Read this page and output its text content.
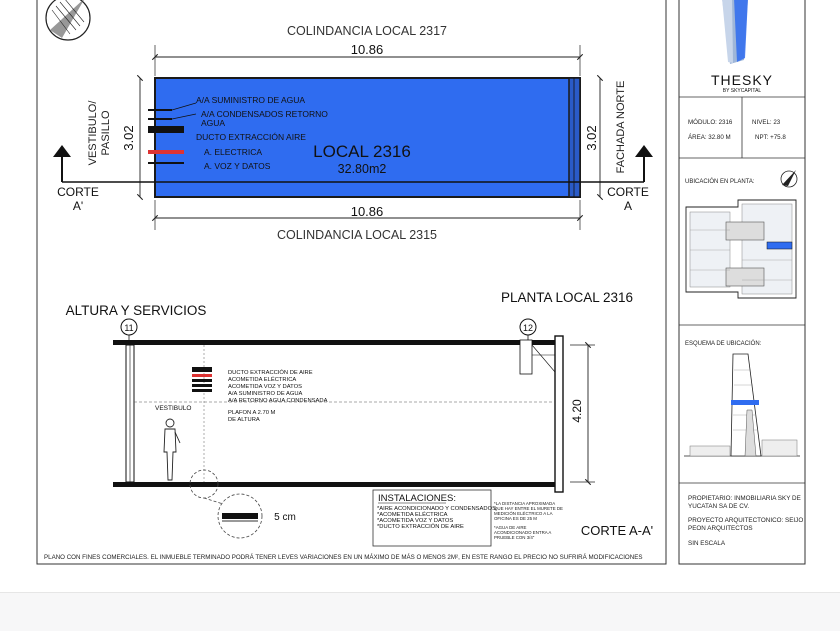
COLINDANCIA LOCAL 2317
10.86
LOCAL 2316
32.80m2
A/A SUMINISTRO DE AGUA
A/A CONDENSADOS RETORNO
AGUA
DUCTO EXTRACCIÓN AIRE
A. ELECTRICA
A. VOZ Y DATOS
3.02	3.02
VESTIBULO/ PASILLO	FACHADA NORTE
CORTE
A'
CORTE
A
10.86
COLINDANCIA LOCAL 2315
ALTURA Y SERVICIOS
PLANTA LOCAL 2316
11	12
DUCTO EXTRACCIÓN DE AIRE
ACOMETIDA ELÉCTRICA
ACOMETIDA VOZ Y DATOS
A/A SUMINISTRO DE AGUA
A/A RETORNO AGUA CONDENSADA
PLAFON A 2.70 M
DE ALTURA
VESTIBULO	4.20
5 cm
INSTALACIONES:
*AIRE ACONDICIONADO Y CONDENSADOS
*ACOMETIDA ELÉCTRICA
*ACOMETIDA VOZ Y DATOS
*DUCTO EXTRACCIÓN DE AIRE
*LA DISTANCIA APROXIMADA
QUE HAY ENTRE EL MURETE DE
MEDICIÓN ELÉCTRICO A LA
OFICINA ES DE 25 M
*AGUA DE AIRE
ACONDICIONADO ENTRA A
PRUEBLE CON 3/4"	CORTE A-A'
PLANO CON FINES COMERCIALES. EL INMUEBLE TERMINADO PODRÁ TENER LEVES VARIACIONES EN UN MÁXIMO DE MÁS O MENOS 2M², EN ESTE RANGO EL PRECIO NO SUFRIRÁ MODIFICACIONES
THESKY
BY SKYCAPITAL
MÓDULO: 2316	NIVEL: 23
ÁREA: 32.80 M	NPT: +75.8
UBICACIÓN EN PLANTA:
ESQUEMA DE UBICACIÓN:
PROPIETARIO: INMOBILIARIA SKY DE
YUCATAN SA DE CV.
PROYECTO ARQUITECTONICO: SEIJO
PEON ARQUITECTOS
SIN ESCALA
